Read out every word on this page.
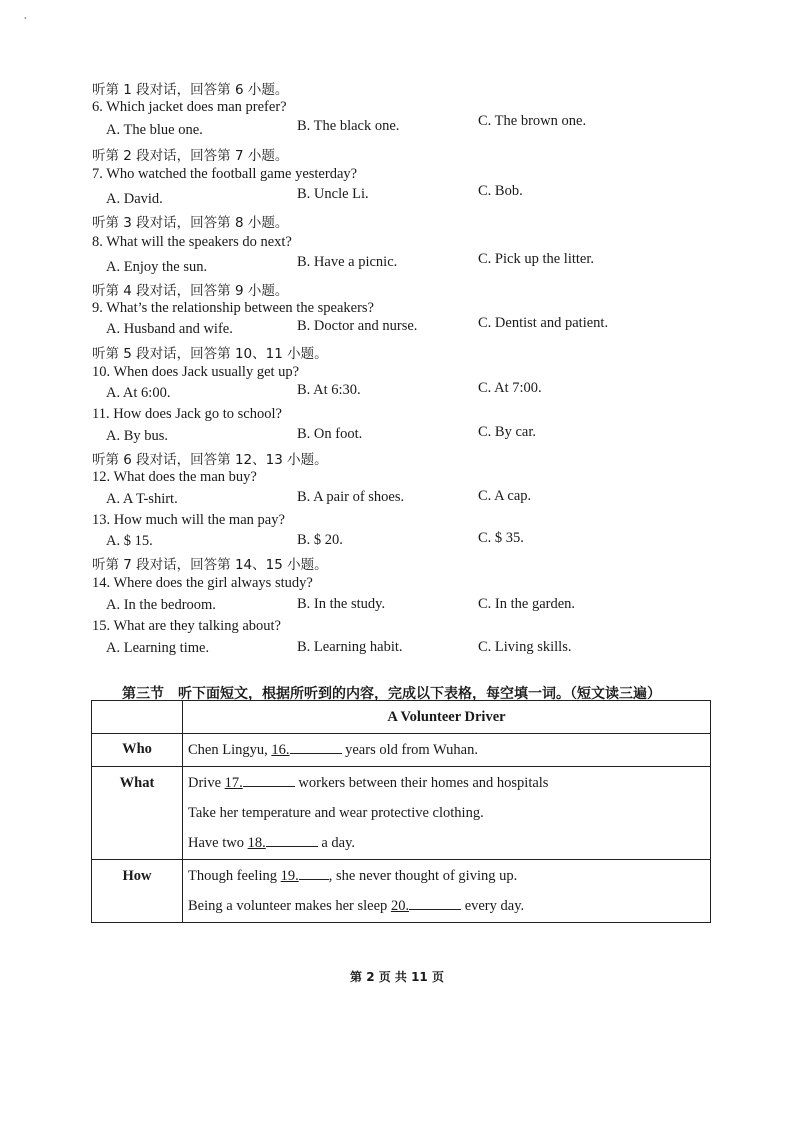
•
听第 1 段对话，回答第 6 小题。
6. Which jacket does man prefer?
A. The blue one.	B. The black one.	C. The brown one.
听第 2 段对话，回答第 7 小题。
7. Who watched the football game yesterday?
A. David.	B. Uncle Li.	C. Bob.
听第 3 段对话，回答第 8 小题。
8. What will the speakers do next?
A. Enjoy the sun.	B. Have a picnic.	C. Pick up the litter.
听第 4 段对话，回答第 9 小题。
9. What’s the relationship between the speakers?
A. Husband and wife.	B. Doctor and nurse.	C. Dentist and patient.
听第 5 段对话，回答第 10、11 小题。
10. When does Jack usually get up?
A. At 6:00.	B. At 6:30.	C. At 7:00.
11. How does Jack go to school?
A. By bus.	B. On foot.	C. By car.
听第 6 段对话，回答第 12、13 小题。
12. What does the man buy?
A. A T-shirt.	B. A pair of shoes.	C. A cap.
13. How much will the man pay?
A. $ 15.	B. $ 20.	C. $ 35.
听第 7 段对话，回答第 14、15 小题。
14. Where does the girl always study?
A. In the bedroom.	B. In the study.	C. In the garden.
15. What are they talking about?
A. Learning time.	B. Learning habit.	C. Living skills.
第三节　听下面短文，根据所听到的内容，完成以下表格，每空填一词。（短文读三遍）
	A Volunteer Driver
Who	Chen Lingyu, 16. years old from Wuhan.

What	Drive 17. workers between their homes and hospitals
Take her temperature and wear protective clothing.
Have two 18. a day.

How	Though feeling 19. , she never thought of giving up.
Being a volunteer makes her sleep 20. every day.
第 2 页 共 11 页
